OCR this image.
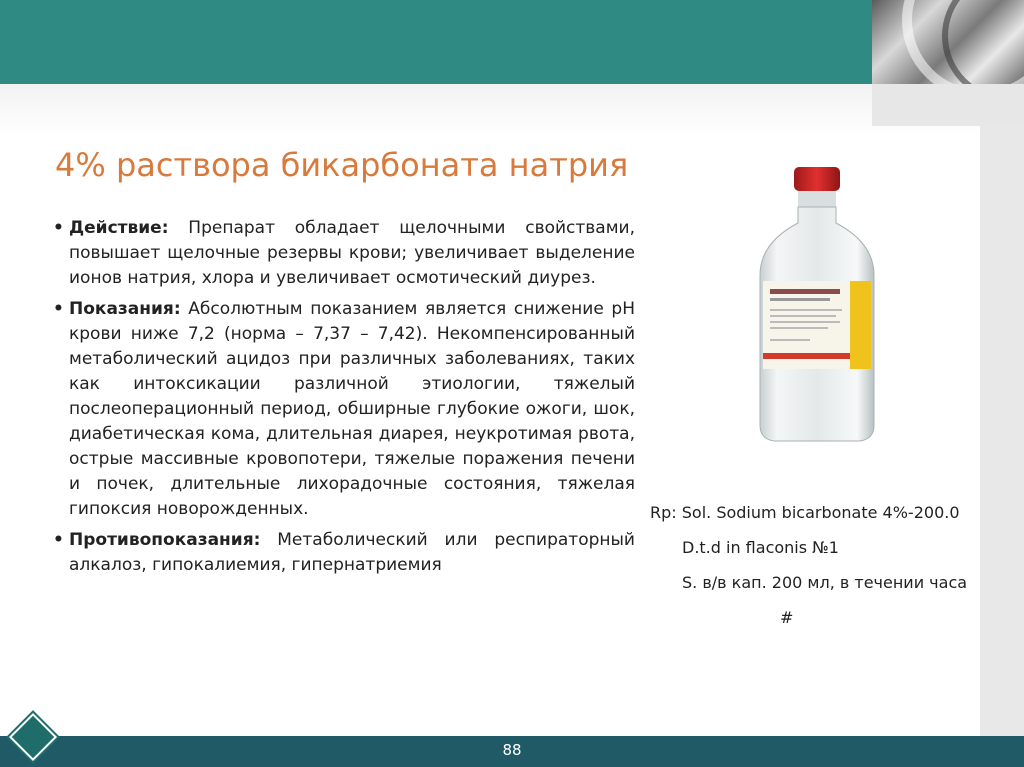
4% раствора бикарбоната натрия
• Действие: Препарат обладает щелочными свойствами, повышает щелочные резервы крови; увеличивает выделение ионов натрия, хлора и увеличивает осмотический диурез.
• Показания: Абсолютным показанием является снижение pH крови ниже 7,2 (норма – 7,37 – 7,42). Некомпенсированный метаболический ацидоз при различных заболеваниях, таких как интоксикации различной этиологии, тяжелый послеоперационный период, обширные глубокие ожоги, шок, диабетическая кома, длительная диарея, неукротимая рвота, острые массивные кровопотери, тяжелые поражения печени и почек, длительные лихорадочные состояния, тяжелая гипоксия новорожденных.
• Противопоказания: Метаболический или респираторный алкалоз, гипокалиемия, гипернатриемия
Rp: Sol. Sodium bicarbonate 4%-200.0
D.t.d in flaconis №1
S. в/в кап. 200 мл, в течении часа
#
88
